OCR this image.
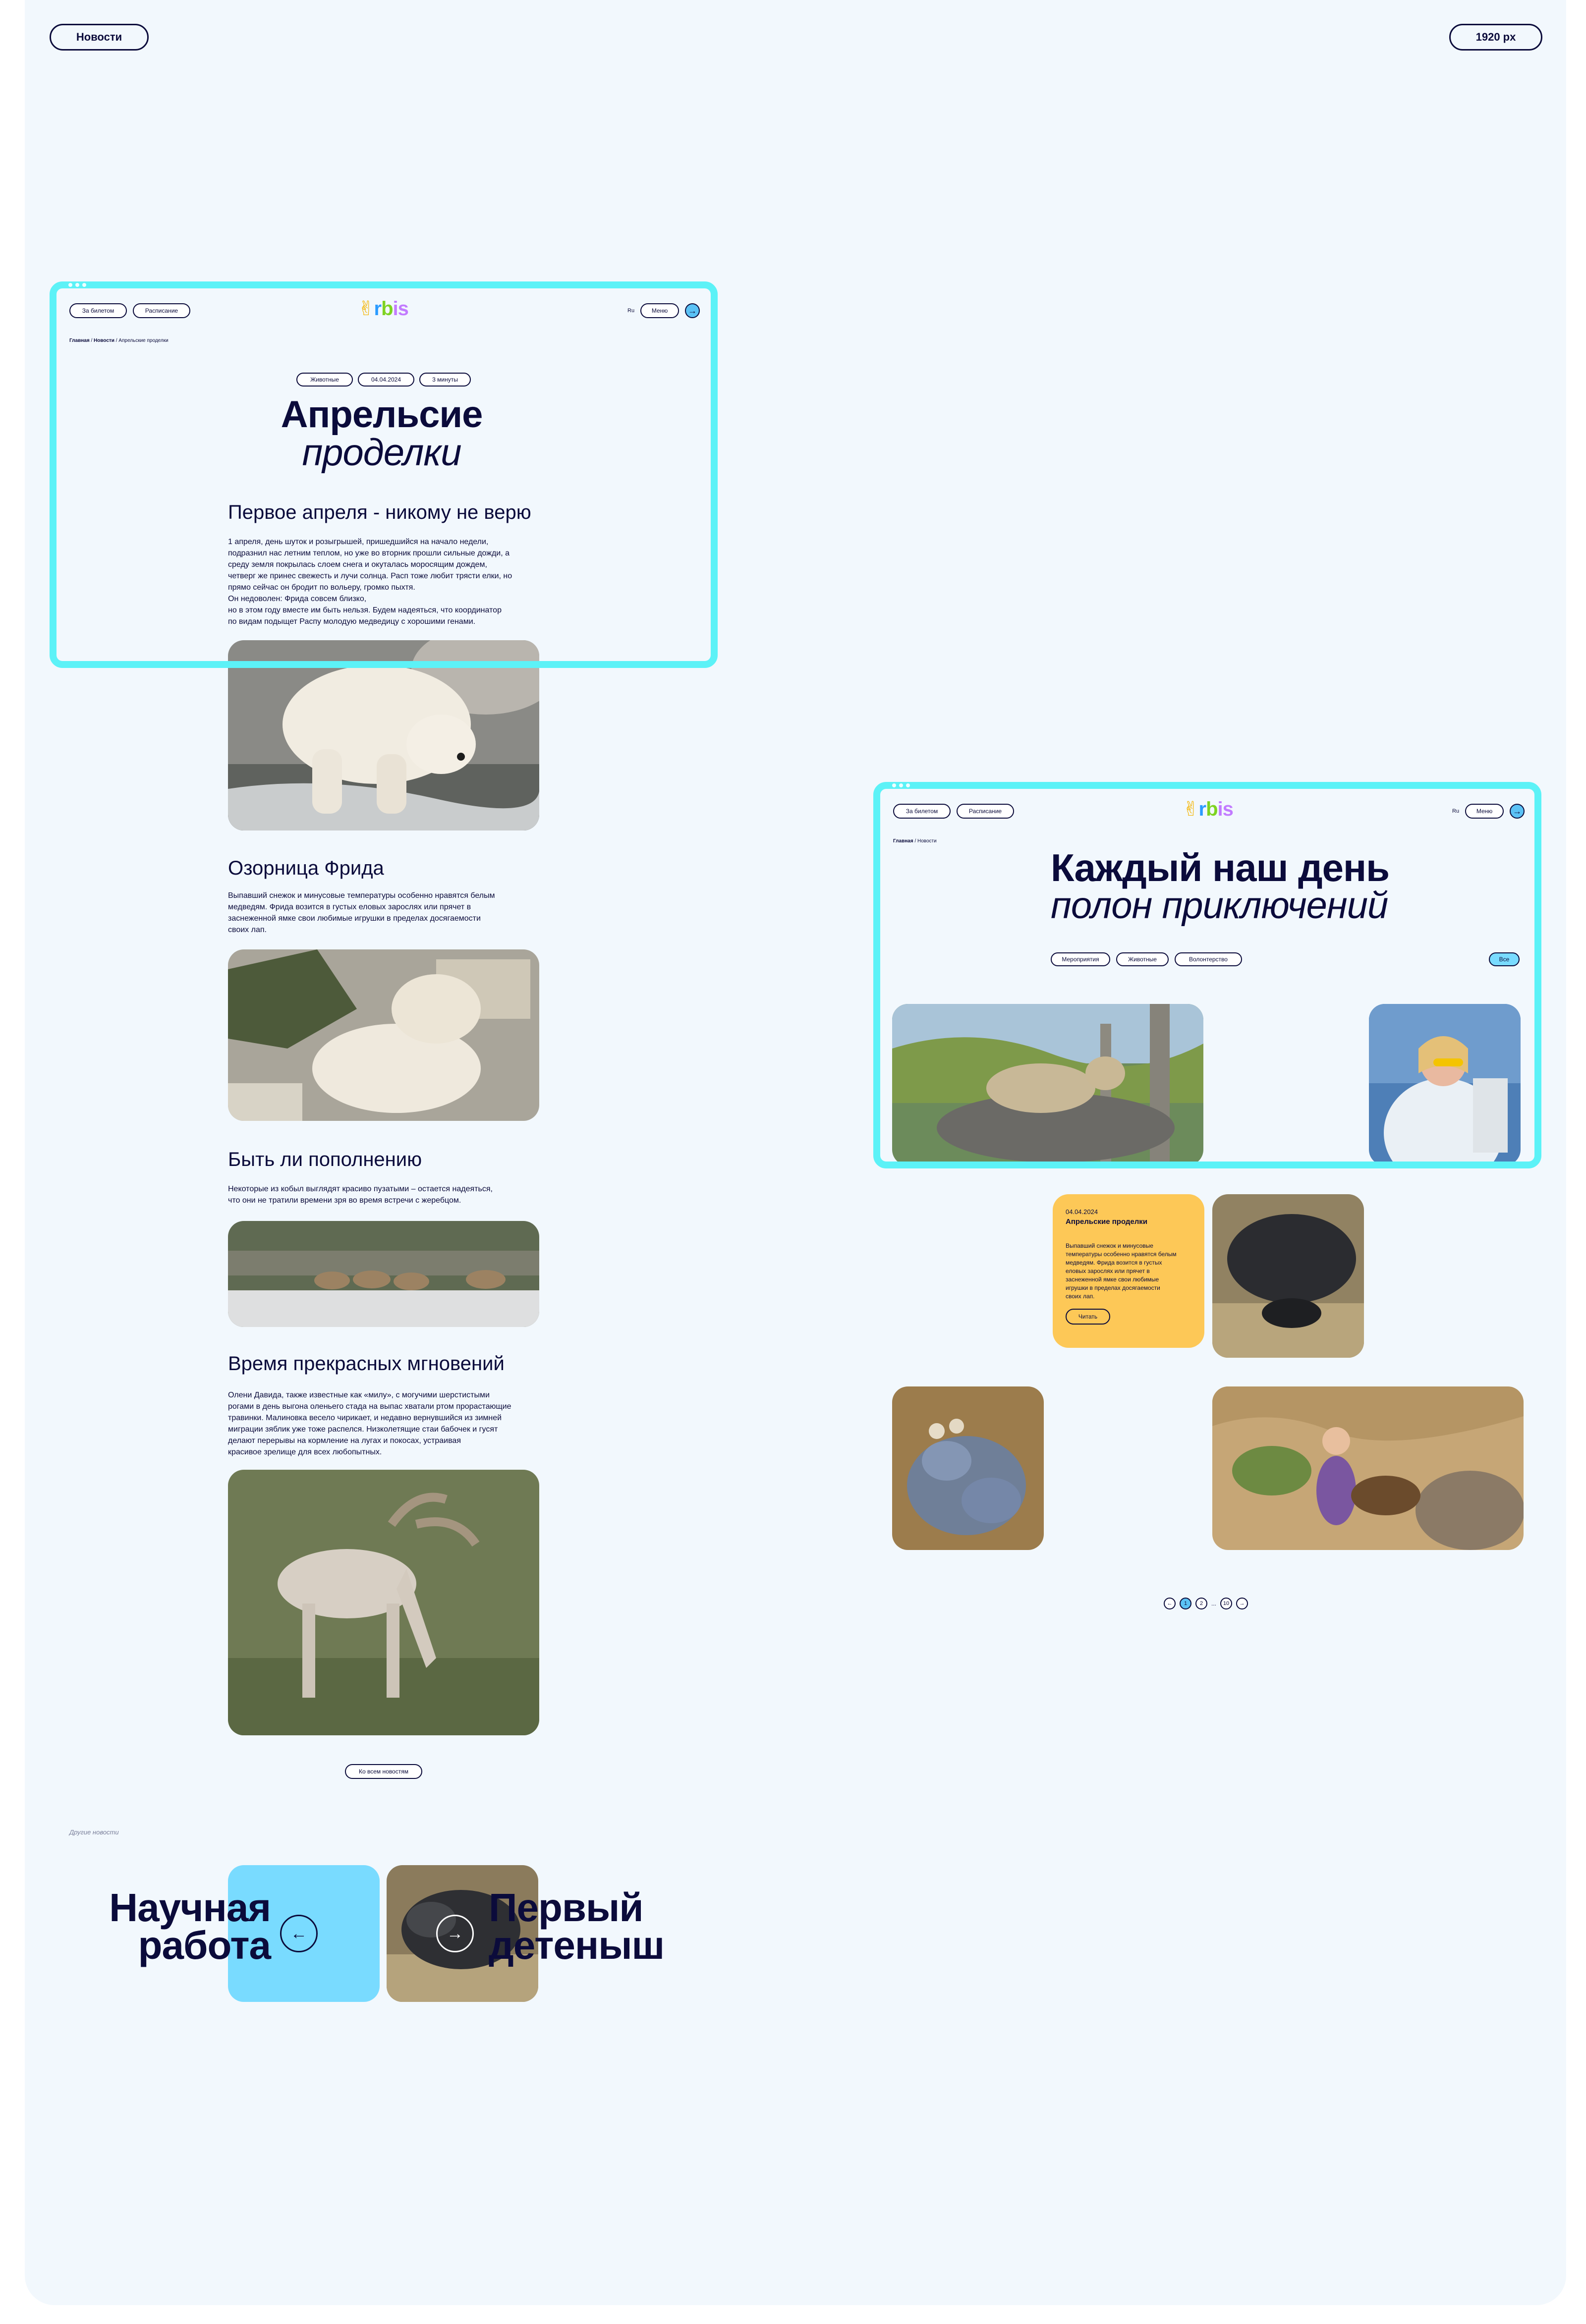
Новости	1920 px
За билетом	Расписание	✌rbis	Ru	Меню	→
Главная / Новости / Апрельские проделки
Животные	04.04.2024	3 минуты
Апрельсие
проделки
Первое апреля - никому не верю
1 апреля, день шуток и розыгрышей, пришедшийся на начало недели,
подразнил нас летним теплом, но уже во вторник прошли сильные дожди, а
среду земля покрылась слоем снега и окуталась моросящим дождем,
четверг же принес свежесть и лучи солнца. Расп тоже любит трясти елки, но
прямо сейчас он бродит по вольеру, громко пыхтя.
Он недоволен: Фрида совсем близко,
но в этом году вместе им быть нельзя. Будем надеяться, что координатор
по видам подыщет Распу молодую медведицу с хорошими генами.
Озорница Фрида
Выпавший снежок и минусовые температуры особенно нравятся белым
медведям. Фрида возится в густых еловых зарослях или прячет в
заснеженной ямке свои любимые игрушки в пределах досягаемости
своих лап.
Быть ли пополнению
Некоторые из кобыл выглядят красиво пузатыми – остается надеяться,
что они не тратили времени зря во время встречи с жеребцом.
Время прекрасных мгновений
Олени Давида, также известные как «милу», с могучими шерстистыми
рогами в день выгона оленьего стада на выпас хватали ртом прорастающие
травинки. Малиновка весело чирикает, и недавно вернувшийся из зимней
миграции зяблик уже тоже распелся. Низколетящие стаи бабочек и гусят
делают перерывы на кормление на лугах и покосах, устраивая
красивое зрелище для всех любопытных.
Ко всем новостям
Другие новости
←
Научная
работа	→
Первый
детеныш
За билетом	Расписание	✌rbis	Ru	Меню	→
Главная / Новости
Каждый наш день
полон приключений
Мероприятия	Животные	Волонтерство	Все
04.04.2024
Апрельские проделки
Выпавший снежок и минусовые
температуры особенно нравятся белым
медведям. Фрида возится в густых
еловых зарослях или прячет в
заснеженной ямке свои любимые
игрушки в пределах досягаемости
своих лап.
Читать
←	1	2	...	10	→
